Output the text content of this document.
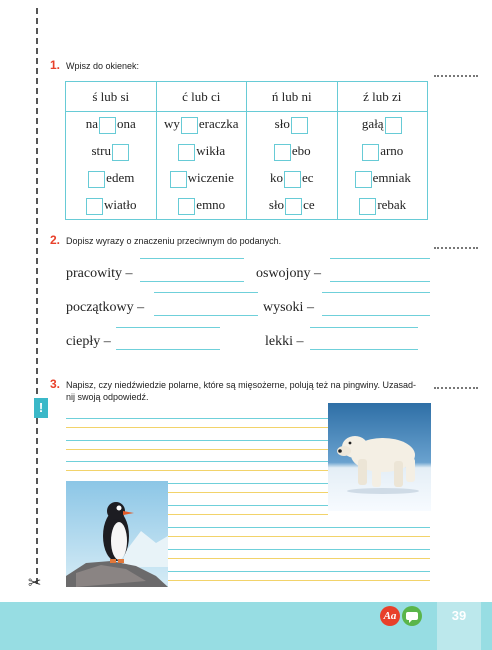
✂
1. Wpisz do okienek:
ś lub si	ć lub ci	ń lub ni	ź lub zi
na ona	wy eraczka	sło	gałą
stru	wikła	ebo	arno
edem	wiczenie	ko ec	emniak
wiatło	emno	sło ce	rebak
2. Dopisz wyrazy o znaczeniu przeciwnym do podanych.
pracowity –	oswojony –
początkowy –	wysoki –
ciepły –	lekki –
3. Napisz, czy niedźwiedzie polarne, które są mięsożerne, polują też na pingwiny. Uzasad-
nij swoją odpowiedź.
!
39
Aa
